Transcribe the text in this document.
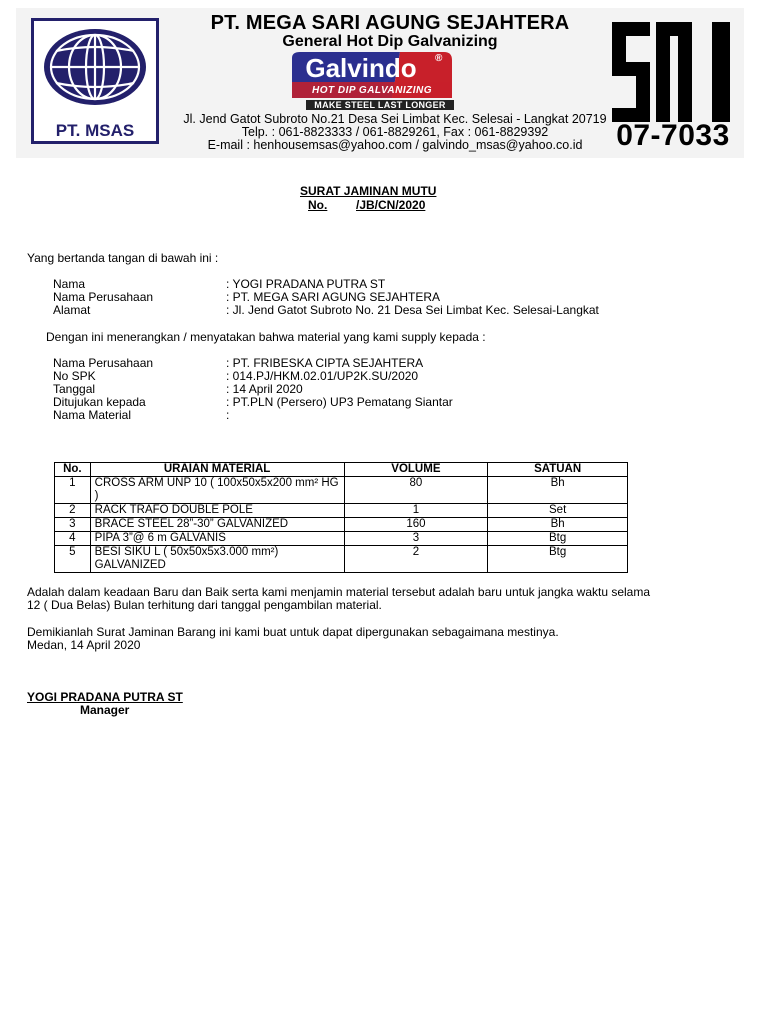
PT. MSAS
PT. MEGA SARI AGUNG SEJAHTERA
General Hot Dip Galvanizing
Galvindo	®
HOT DIP GALVANIZING
MAKE STEEL LAST LONGER
Jl. Jend Gatot Subroto No.21 Desa Sei Limbat Kec. Selesai - Langkat 20719
Telp. : 061-8823333 / 061-8829261, Fax : 061-8829392
E-mail : henhousemsas@yahoo.com / galvindo_msas@yahoo.co.id	07-7033
SURAT JAMINAN MUTU
No. /JB/CN/2020
Yang bertanda tangan di bawah ini :
Nama	: YOGI PRADANA PUTRA ST
Nama Perusahaan	: PT. MEGA SARI AGUNG SEJAHTERA
Alamat	: Jl. Jend Gatot Subroto No. 21 Desa Sei Limbat Kec. Selesai-Langkat
Dengan ini menerangkan / menyatakan bahwa material yang kami supply kepada :
Nama Perusahaan	: PT. FRIBESKA CIPTA SEJAHTERA
No SPK	: 014.PJ/HKM.02.01/UP2K.SU/2020
Tanggal	: 14 April 2020
Ditujukan kepada	: PT.PLN (Persero) UP3 Pematang Siantar
Nama Material	:
No.	URAIAN MATERIAL	VOLUME	SATUAN
1	CROSS ARM UNP 10 ( 100x50x5x200 mm² HG )	80	Bh
2	RACK TRAFO DOUBLE POLE	1	Set
3	BRACE STEEL 28”-30” GALVANIZED	160	Bh
4	PIPA 3”@ 6 m GALVANIS	3	Btg
5	BESI SIKU L ( 50x50x5x3.000 mm²) GALVANIZED	2	Btg
Adalah dalam keadaan Baru dan Baik serta kami menjamin material tersebut adalah baru untuk jangka waktu selama
12 ( Dua Belas) Bulan terhitung dari tanggal pengambilan material.
Demikianlah Surat Jaminan Barang ini kami buat untuk dapat dipergunakan sebagaimana mestinya.
Medan, 14 April 2020
YOGI PRADANA PUTRA ST
Manager
